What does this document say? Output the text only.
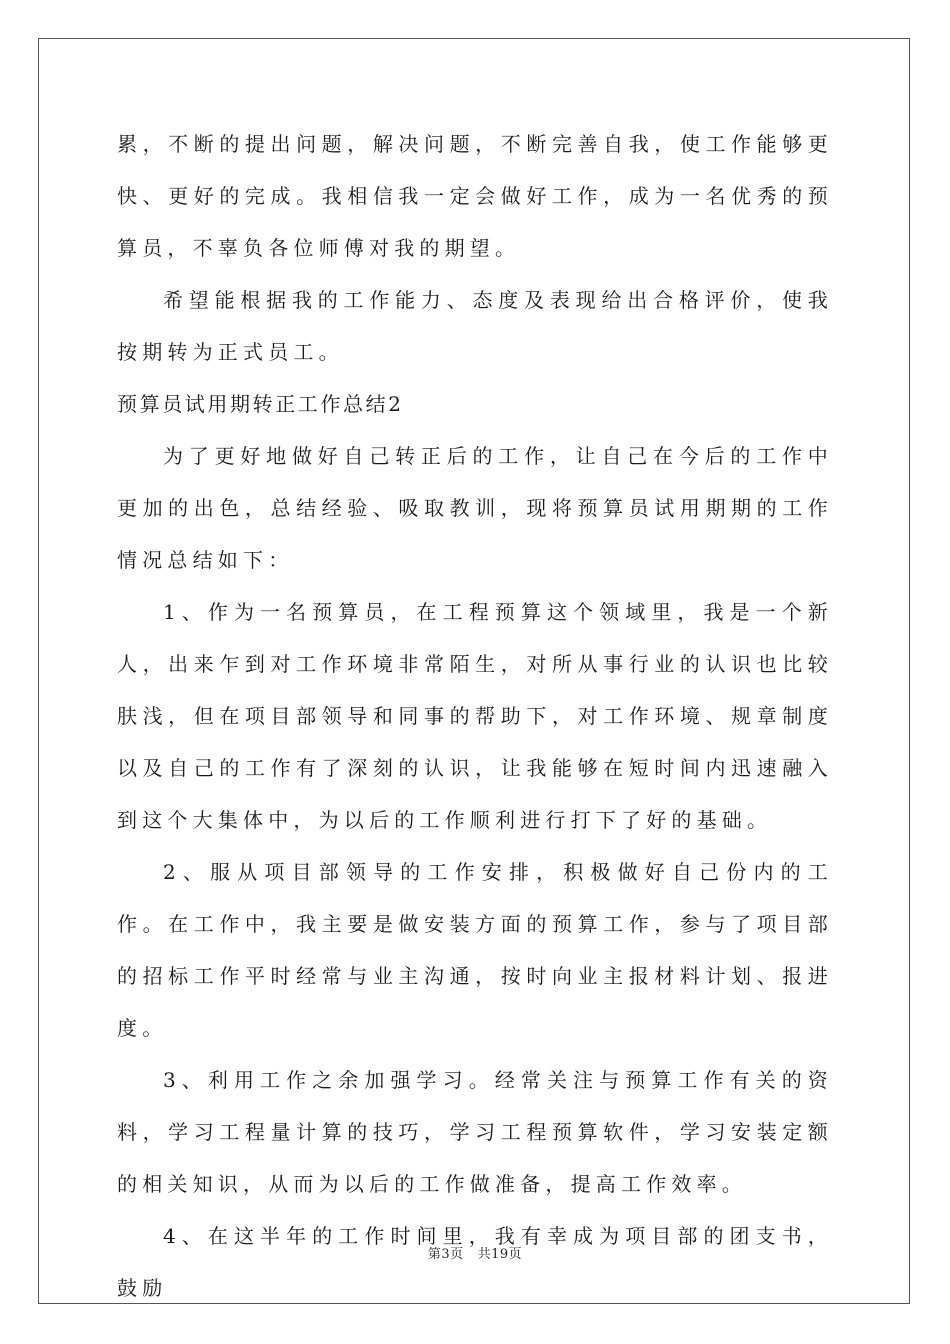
累，不断的提出问题，解决问题，不断完善自我，使工作能够更快、更好的完成。我相信我一定会做好工作，成为一名优秀的预算员，不辜负各位师傅对我的期望。

希望能根据我的工作能力、态度及表现给出合格评价，使我按期转为正式员工。

预算员试用期转正工作总结2

为了更好地做好自己转正后的工作，让自己在今后的工作中更加的出色，总结经验、吸取教训，现将预算员试用期期的工作情况总结如下：

1、作为一名预算员，在工程预算这个领域里，我是一个新人，出来乍到对工作环境非常陌生，对所从事行业的认识也比较肤浅，但在项目部领导和同事的帮助下，对工作环境、规章制度以及自己的工作有了深刻的认识，让我能够在短时间内迅速融入到这个大集体中，为以后的工作顺利进行打下了好的基础。

2、服从项目部领导的工作安排，积极做好自己份内的工作。在工作中，我主要是做安装方面的预算工作，参与了项目部的招标工作平时经常与业主沟通，按时向业主报材料计划、报进度。

3、利用工作之余加强学习。经常关注与预算工作有关的资料，学习工程量计算的技巧，学习工程预算软件，学习安装定额的相关知识，从而为以后的工作做准备，提高工作效率。

4、在这半年的工作时间里，我有幸成为项目部的团支书，鼓励

第3页 共19页
